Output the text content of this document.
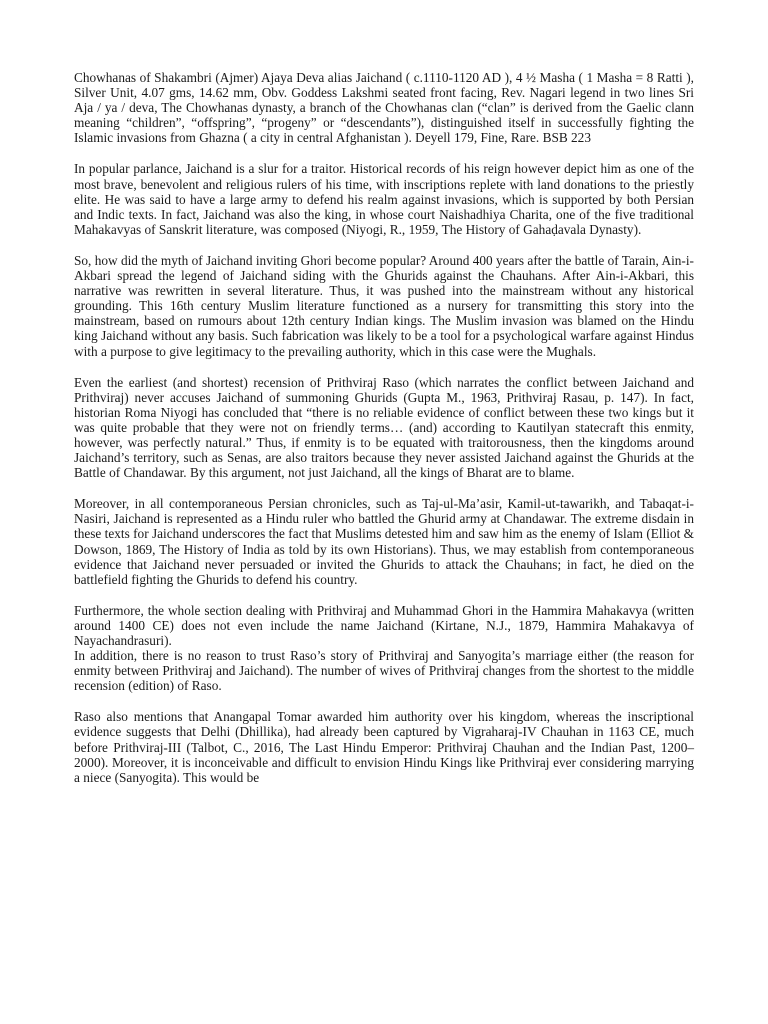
Chowhanas of Shakambri (Ajmer) Ajaya Deva alias Jaichand ( c.1110-1120 AD ), 4 ½ Masha ( 1 Masha = 8 Ratti ), Silver Unit, 4.07 gms, 14.62 mm, Obv. Goddess Lakshmi seated front facing, Rev. Nagari legend in two lines Sri Aja / ya / deva, The Chowhanas dynasty, a branch of the Chowhanas clan (“clan” is derived from the Gaelic clann meaning “children”, “offspring”, “progeny” or “descendants”), distinguished itself in successfully fighting the Islamic invasions from Ghazna ( a city in central Afghanistan ). Deyell 179, Fine, Rare. BSB 223

In popular parlance, Jaichand is a slur for a traitor. Historical records of his reign however depict him as one of the most brave, benevolent and religious rulers of his time, with inscriptions replete with land donations to the priestly elite. He was said to have a large army to defend his realm against invasions, which is supported by both Persian and Indic texts. In fact, Jaichand was also the king, in whose court Naishadhiya Charita, one of the five traditional Mahakavyas of Sanskrit literature, was composed (Niyogi, R., 1959, The History of Gahaḍavala Dynasty).

So, how did the myth of Jaichand inviting Ghori become popular? Around 400 years after the battle of Tarain, Ain-i-Akbari spread the legend of Jaichand siding with the Ghurids against the Chauhans. After Ain-i-Akbari, this narrative was rewritten in several literature. Thus, it was pushed into the mainstream without any historical grounding. This 16th century Muslim literature functioned as a nursery for transmitting this story into the mainstream, based on rumours about 12th century Indian kings. The Muslim invasion was blamed on the Hindu king Jaichand without any basis. Such fabrication was likely to be a tool for a psychological warfare against Hindus with a purpose to give legitimacy to the prevailing authority, which in this case were the Mughals.

Even the earliest (and shortest) recension of Prithviraj Raso (which narrates the conflict between Jaichand and Prithviraj) never accuses Jaichand of summoning Ghurids (Gupta M., 1963, Prithviraj Rasau, p. 147). In fact, historian Roma Niyogi has concluded that “there is no reliable evidence of conflict between these two kings but it was quite probable that they were not on friendly terms… (and) according to Kautilyan statecraft this enmity, however, was perfectly natural.” Thus, if enmity is to be equated with traitorousness, then the kingdoms around Jaichand’s territory, such as Senas, are also traitors because they never assisted Jaichand against the Ghurids at the Battle of Chandawar. By this argument, not just Jaichand, all the kings of Bharat are to blame.

Moreover, in all contemporaneous Persian chronicles, such as Taj-ul-Ma’asir, Kamil-ut-tawarikh, and Tabaqat-i-Nasiri, Jaichand is represented as a Hindu ruler who battled the Ghurid army at Chandawar. The extreme disdain in these texts for Jaichand underscores the fact that Muslims detested him and saw him as the enemy of Islam (Elliot & Dowson, 1869, The History of India as told by its own Historians). Thus, we may establish from contemporaneous evidence that Jaichand never persuaded or invited the Ghurids to attack the Chauhans; in fact, he died on the battlefield fighting the Ghurids to defend his country.

Furthermore, the whole section dealing with Prithviraj and Muhammad Ghori in the Hammira Mahakavya (written around 1400 CE) does not even include the name Jaichand (Kirtane, N.J., 1879, Hammira Mahakavya of Nayachandrasuri).
In addition, there is no reason to trust Raso’s story of Prithviraj and Sanyogita’s marriage either (the reason for enmity between Prithviraj and Jaichand). The number of wives of Prithviraj changes from the shortest to the middle recension (edition) of Raso.

Raso also mentions that Anangapal Tomar awarded him authority over his kingdom, whereas the inscriptional evidence suggests that Delhi (Dhillika), had already been captured by Vigraharaj-IV Chauhan in 1163 CE, much before Prithviraj-III (Talbot, C., 2016, The Last Hindu Emperor: Prithviraj Chauhan and the Indian Past, 1200–2000). Moreover, it is inconceivable and difficult to envision Hindu Kings like Prithviraj ever considering marrying a niece (Sanyogita). This would be
